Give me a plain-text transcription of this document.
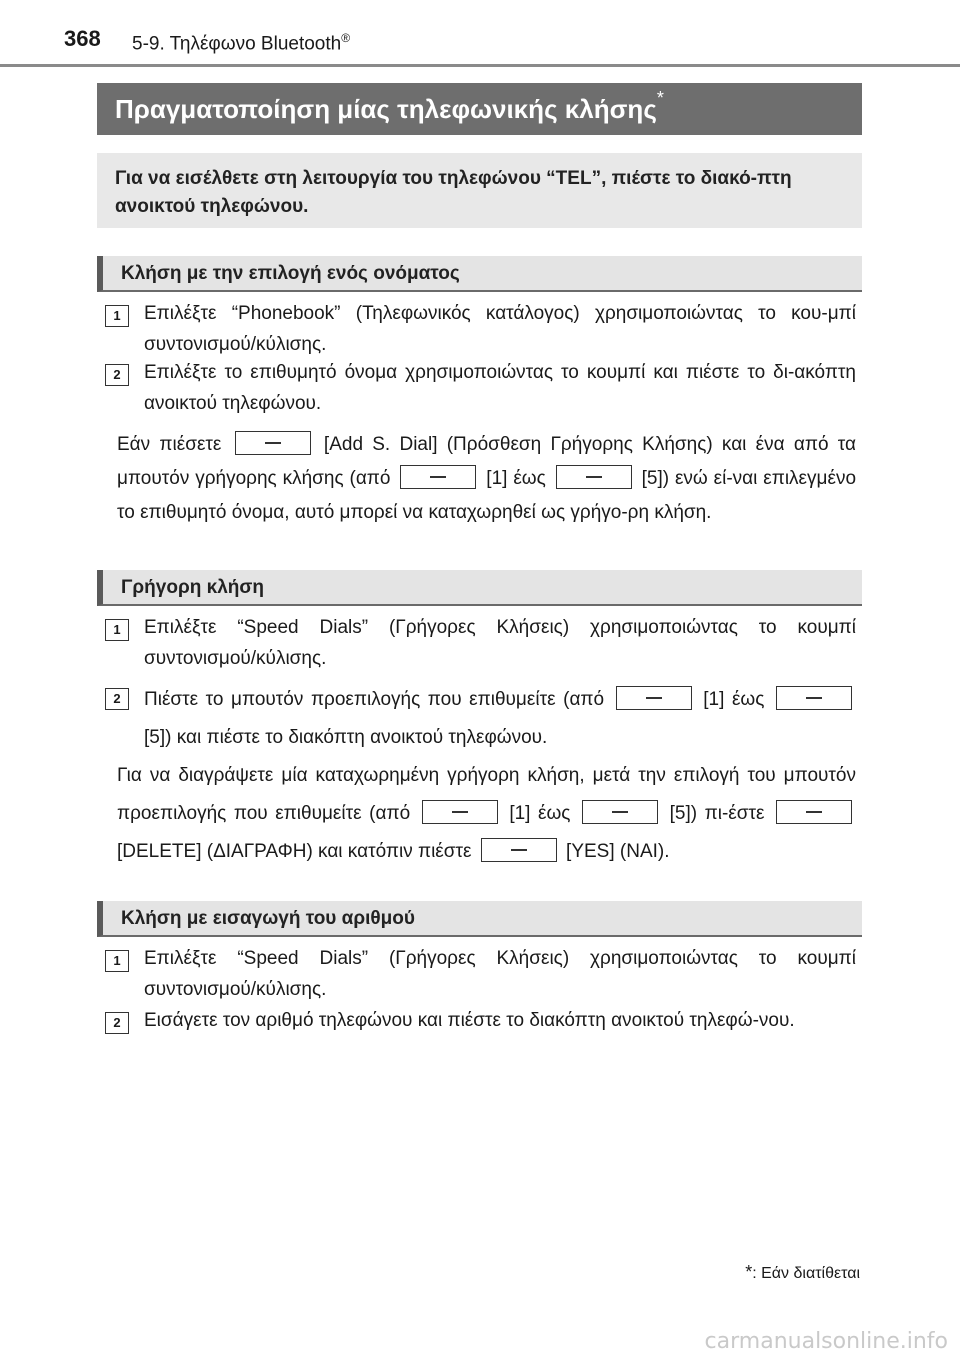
368 5-9. Τηλέφωνο Bluetooth®
Πραγματοποίηση μίας τηλεφωνικής κλήσης*
Για να εισέλθετε στη λειτουργία του τηλεφώνου “TEL”, πιέστε το διακό-πτη ανοικτού τηλεφώνου.
Κλήση με την επιλογή ενός ονόματος
1	Επιλέξτε “Phonebook” (Τηλεφωνικός κατάλογος) χρησιμοποιώντας το κου-μπί συντονισμού/κύλισης.
2	Επιλέξτε το επιθυμητό όνομα χρησιμοποιώντας το κουμπί και πιέστε το δι-ακόπτη ανοικτού τηλεφώνου.
Εάν πιέσετε	[Add S. Dial] (Πρόσθεση Γρήγορης Κλήσης) και ένα από τα μπουτόν γρήγορης κλήσης (από	[1] έως	[5]) ενώ εί-ναι επιλεγμένο το επιθυμητό όνομα, αυτό μπορεί να καταχωρηθεί ως γρήγο-ρη κλήση.
Γρήγορη κλήση
1	Επιλέξτε “Speed Dials” (Γρήγορες Κλήσεις) χρησιμοποιώντας το κουμπί συντονισμού/κύλισης.
2	Πιέστε το μπουτόν προεπιλογής που επιθυμείτε (από	[1] έως  [5]) και πιέστε το διακόπτη ανοικτού τηλεφώνου.
Για να διαγράψετε μία καταχωρημένη γρήγορη κλήση, μετά την επιλογή του μπουτόν προεπιλογής που επιθυμείτε (από	[1] έως	[5]) πι-έστε  [DELETE] (ΔΙΑΓΡΑΦΗ) και κατόπιν πιέστε	[YES] (ΝΑΙ).
Κλήση με εισαγωγή του αριθμού
1	Επιλέξτε “Speed Dials” (Γρήγορες Κλήσεις) χρησιμοποιώντας το κουμπί συντονισμού/κύλισης.
2	Εισάγετε τον αριθμό τηλεφώνου και πιέστε το διακόπτη ανοικτού τηλεφώ-νου.
*: Εάν διατίθεται
carmanualsonline.info
